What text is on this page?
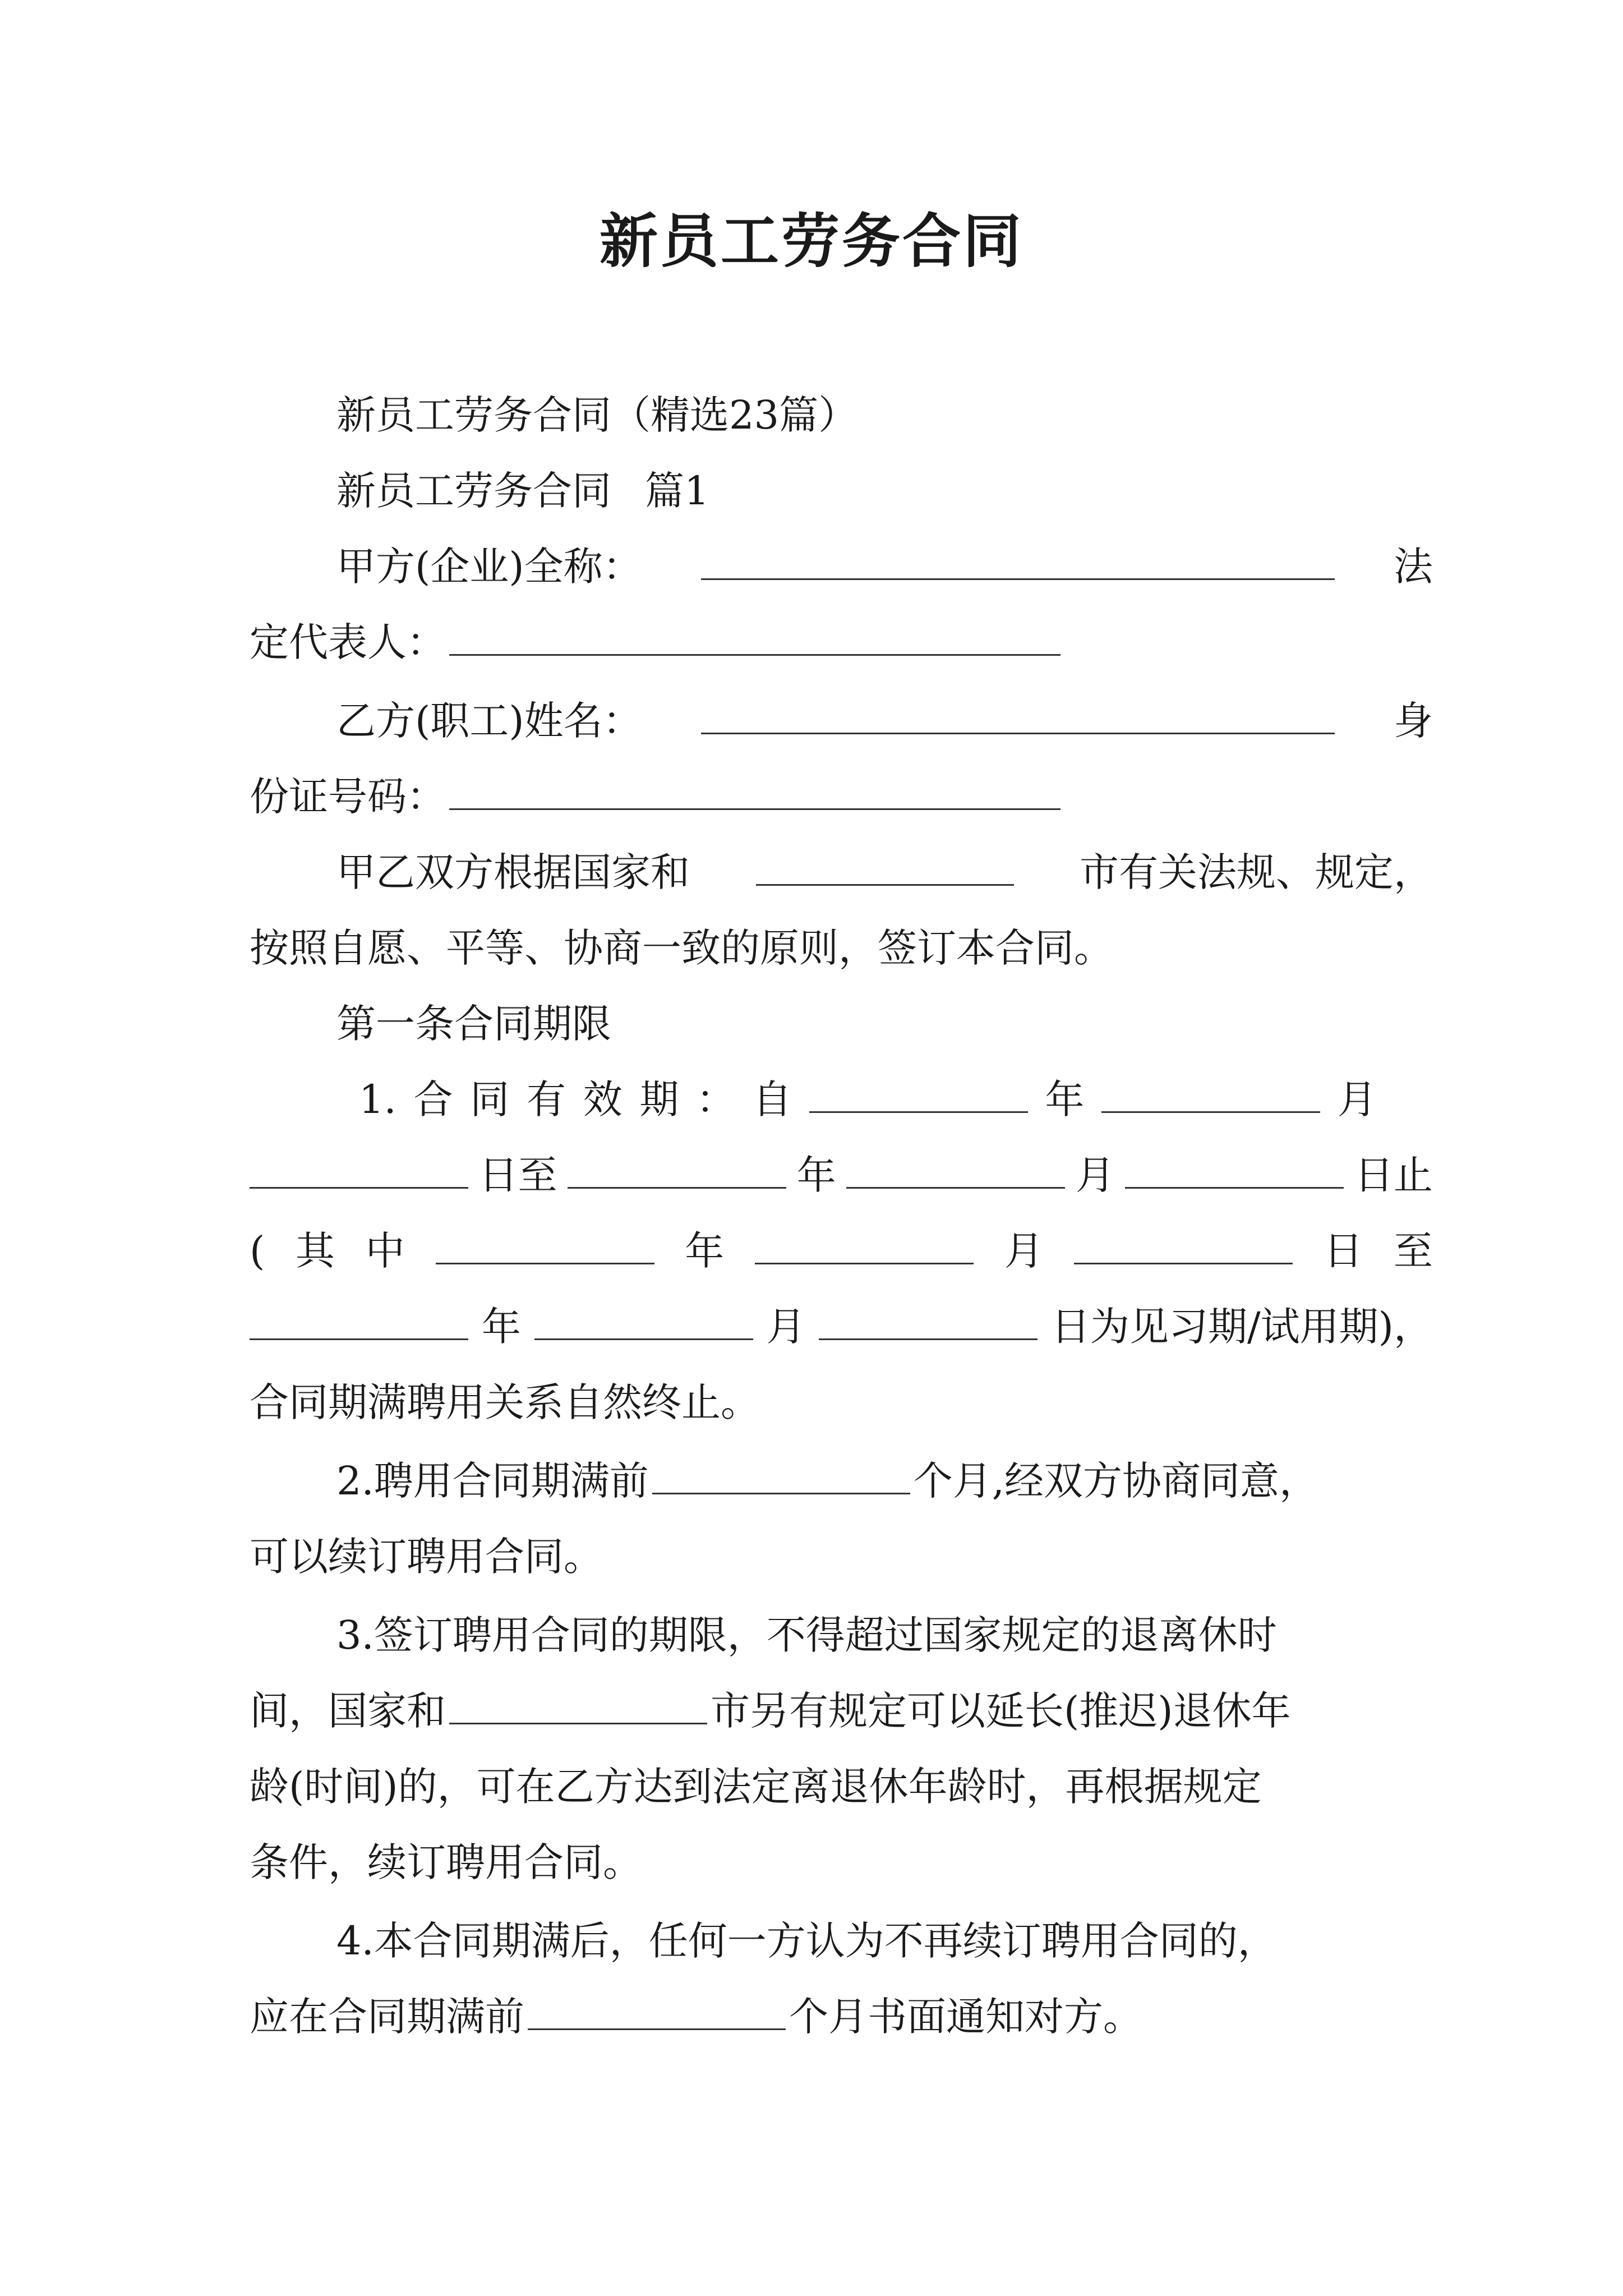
新员工劳务合同
新员工劳务合同（精选23篇）
新员工劳务合同 篇1
甲方(企业)全称：	法
定代表人：
乙方(职工)姓名：	身
份证号码：
甲乙双方根据国家和	市有关法规、规定，
按照自愿、平等、协商一致的原则，签订本合同。
第一条合同期限
1. 合 同 有 效 期 ： 自	年	月
日至	年	月	日止
( 其 中	年	月	日 至
年	月	日为见习期/试用期)，
合同期满聘用关系自然终止。
2.聘用合同期满前	个月,经双方协商同意，
可以续订聘用合同。
3.签订聘用合同的期限，不得超过国家规定的退离休时
间，国家和	市另有规定可以延长(推迟)退休年
龄(时间)的，可在乙方达到法定离退休年龄时，再根据规定
条件，续订聘用合同。
4.本合同期满后，任何一方认为不再续订聘用合同的，
应在合同期满前	个月书面通知对方。
